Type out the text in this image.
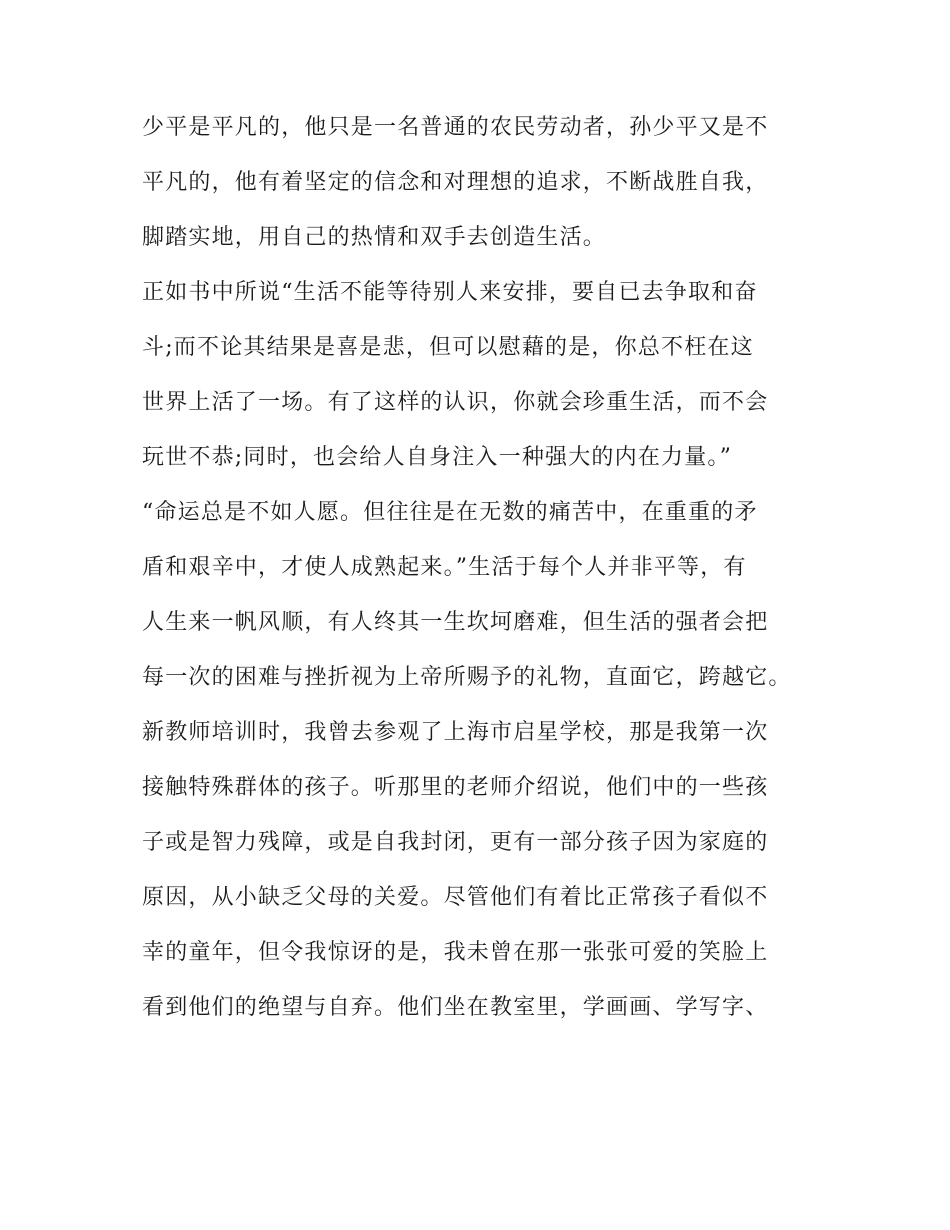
少平是平凡的，他只是一名普通的农民劳动者，孙少平又是不
平凡的，他有着坚定的信念和对理想的追求，不断战胜自我，
脚踏实地，用自己的热情和双手去创造生活。
正如书中所说“生活不能等待别人来安排，要自已去争取和奋
斗;而不论其结果是喜是悲，但可以慰藉的是，你总不枉在这
世界上活了一场。有了这样的认识，你就会珍重生活，而不会
玩世不恭;同时，也会给人自身注入一种强大的内在力量。”
“命运总是不如人愿。但往往是在无数的痛苦中，在重重的矛
盾和艰辛中，才使人成熟起来。”生活于每个人并非平等，有
人生来一帆风顺，有人终其一生坎坷磨难，但生活的强者会把
每一次的困难与挫折视为上帝所赐予的礼物，直面它，跨越它。
新教师培训时，我曾去参观了上海市启星学校，那是我第一次
接触特殊群体的孩子。听那里的老师介绍说，他们中的一些孩
子或是智力残障，或是自我封闭，更有一部分孩子因为家庭的
原因，从小缺乏父母的关爱。尽管他们有着比正常孩子看似不
幸的童年，但令我惊讶的是，我未曾在那一张张可爱的笑脸上
看到他们的绝望与自弃。他们坐在教室里，学画画、学写字、
